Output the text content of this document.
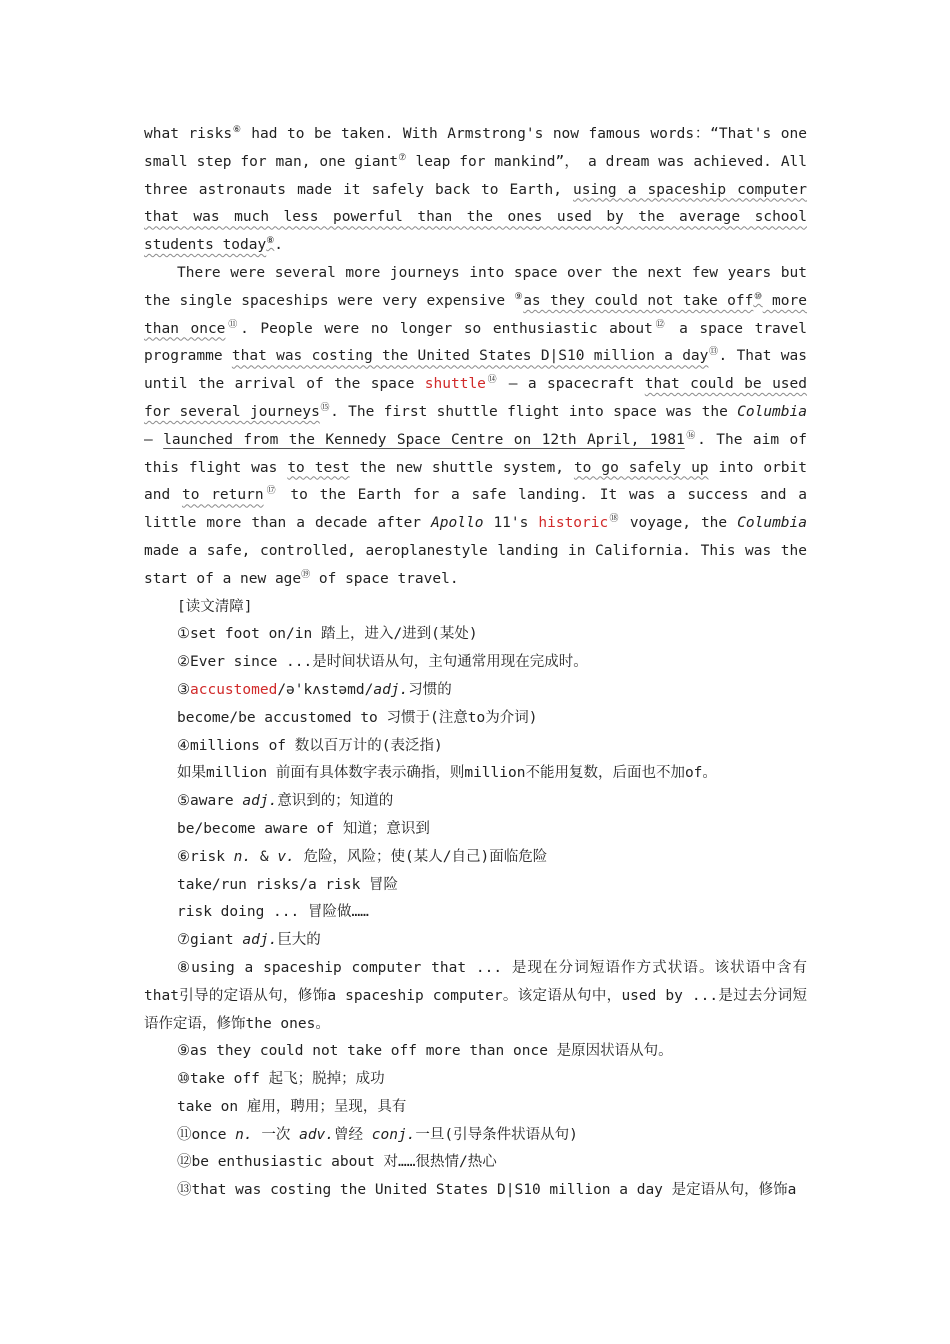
what risks⑥ had to be taken. With Armstrong's now famous words：“That's one small step for man, one giant⑦ leap for mankind”， a dream was achieved. All three astronauts made it safely back to Earth, using a spaceship computer that was much less powerful than the ones used by the average school students today⑧.

There were several more journeys into space over the next few years but the single spaceships were very expensive ⑨as they could not take off⑩ more than once⑪. People were no longer so enthusiastic about⑫ a space travel programme that was costing the United States D|S10 million a day⑬. That was until the arrival of the space shuttle⑭ — a spacecraft that could be used for several journeys⑮. The first shuttle flight into space was the Columbia — launched from the Kennedy Space Centre on 12th April, 1981⑯. The aim of this flight was to test the new shuttle system, to go safely up into orbit and to return⑰ to the Earth for a safe landing. It was a success and a little more than a decade after Apollo 11's historic⑱ voyage, the Columbia made a safe, controlled, aeroplanestyle landing in California. This was the start of a new age⑲ of space travel.

[读文清障]

①set foot on/in 踏上，进入/进到(某处)

②Ever since ...是时间状语从句，主句通常用现在完成时。

③accustomed/ə'kʌstəmd/adj.习惯的

become/be accustomed to 习惯于(注意to为介词)

④millions of 数以百万计的(表泛指)

如果million 前面有具体数字表示确指，则million不能用复数，后面也不加of。

⑤aware adj.意识到的；知道的

be/become aware of 知道；意识到

⑥risk n. & v. 危险，风险；使(某人/自己)面临危险

take/run risks/a risk 冒险

risk doing ... 冒险做……

⑦giant adj.巨大的

⑧using a spaceship computer that ... 是现在分词短语作方式状语。该状语中含有that引导的定语从句，修饰a spaceship computer。该定语从句中，used by ...是过去分词短语作定语，修饰the ones。

⑨as they could not take off more than once 是原因状语从句。

⑩take off 起飞；脱掉；成功

take on 雇用，聘用；呈现，具有

⑪once n. 一次 adv.曾经 conj.一旦(引导条件状语从句)

⑫be enthusiastic about 对……很热情/热心

⑬that was costing the United States D|S10 million a day 是定语从句，修饰a
